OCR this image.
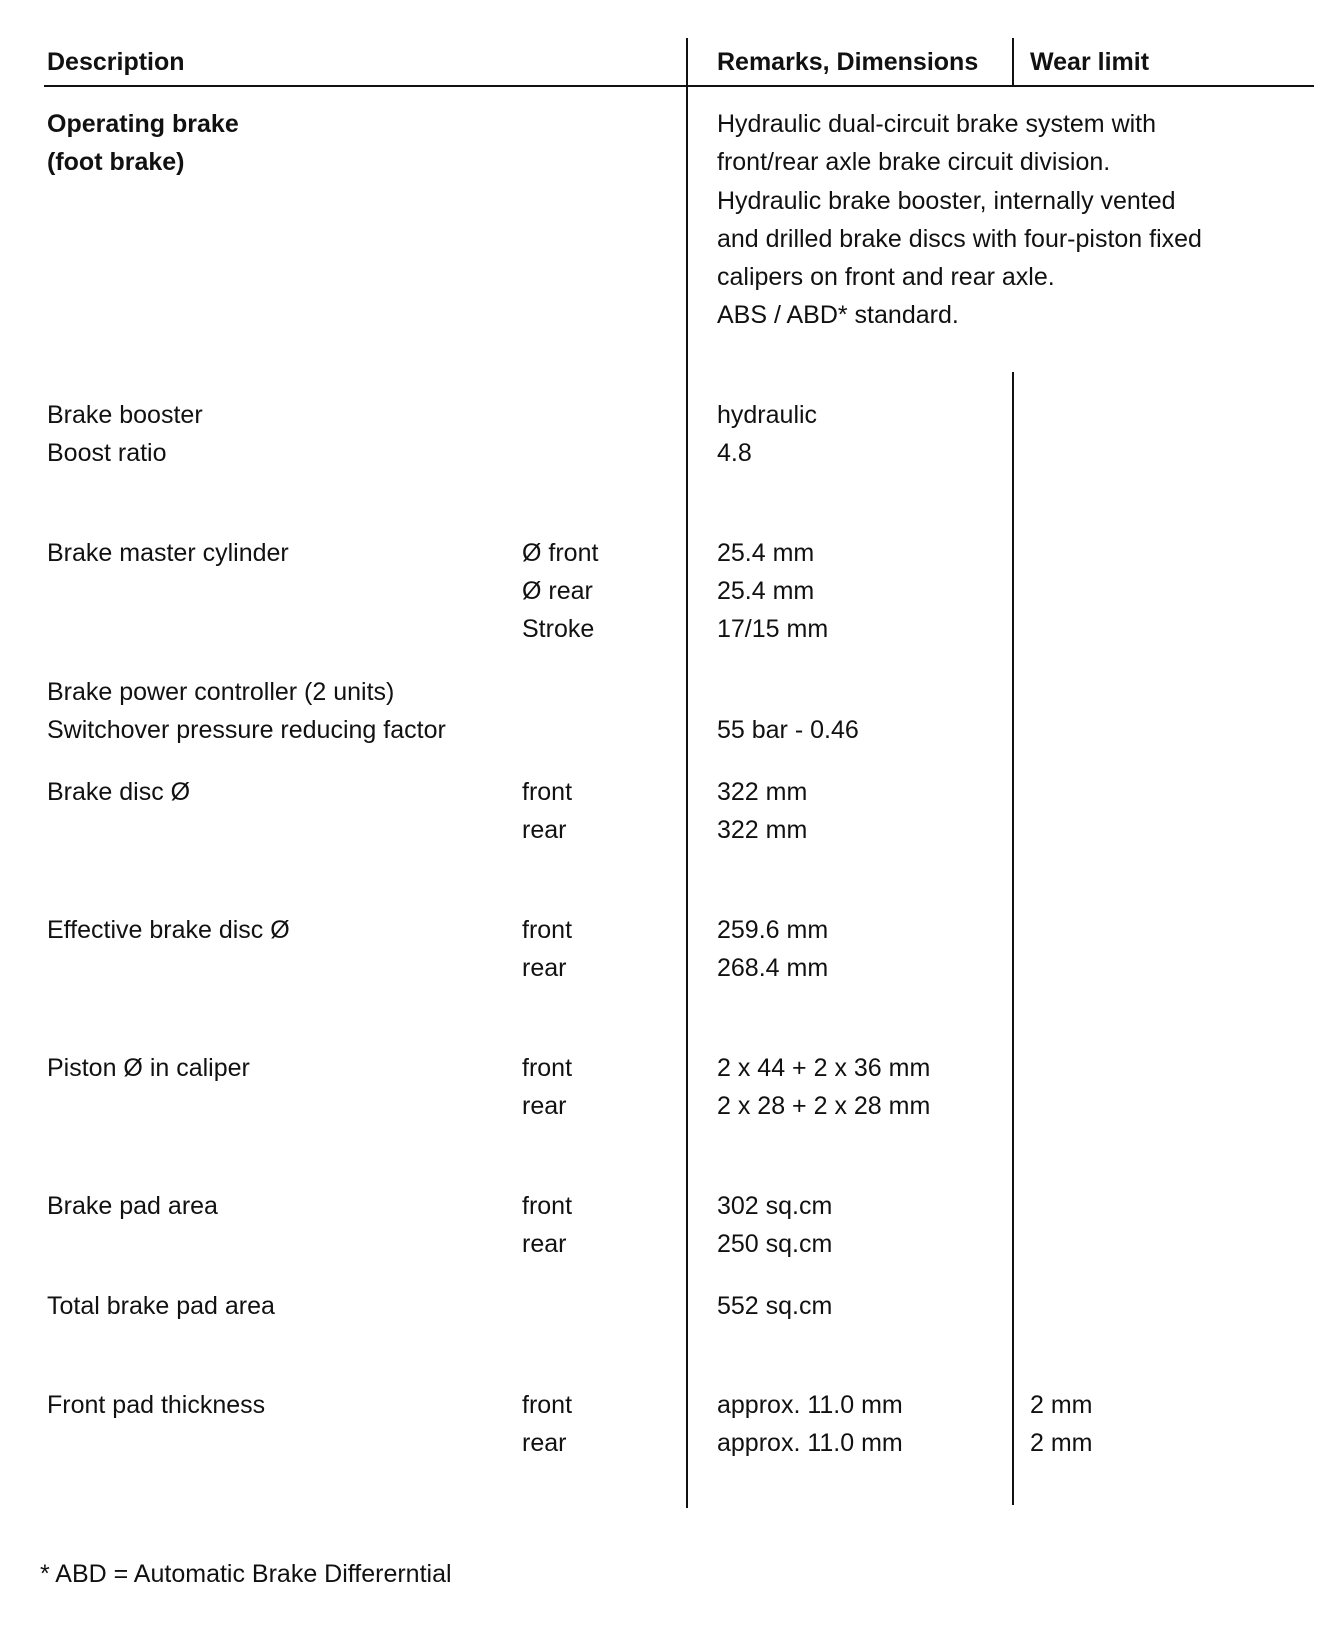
Description	Remarks, Dimensions Wear limit
Operating brake
(foot brake)
Hydraulic dual-circuit brake system with
front/rear axle brake circuit division.
Hydraulic brake booster, internally vented
and drilled brake discs with four-piston fixed
calipers on front and rear axle.
ABS / ABD* standard.
Brake booster	hydraulic
Boost ratio	4.8
Brake master cylinder	Ø front	25.4 mm
Ø rear	25.4 mm
Stroke	17/15 mm
Brake power controller (2 units)
Switchover pressure reducing factor	55 bar - 0.46
Brake disc Ø	front	322 mm
rear	322 mm
Effective brake disc Ø	front	259.6 mm
rear	268.4 mm
Piston Ø in caliper	front	2 x 44 + 2 x 36 mm
rear	2 x 28 + 2 x 28 mm
Brake pad area	front	302 sq.cm
rear	250 sq.cm
Total brake pad area	552 sq.cm
Front pad thickness	front	approx. 11.0 mm	2 mm
rear	approx. 11.0 mm	2 mm
* ABD = Automatic Brake Differerntial
